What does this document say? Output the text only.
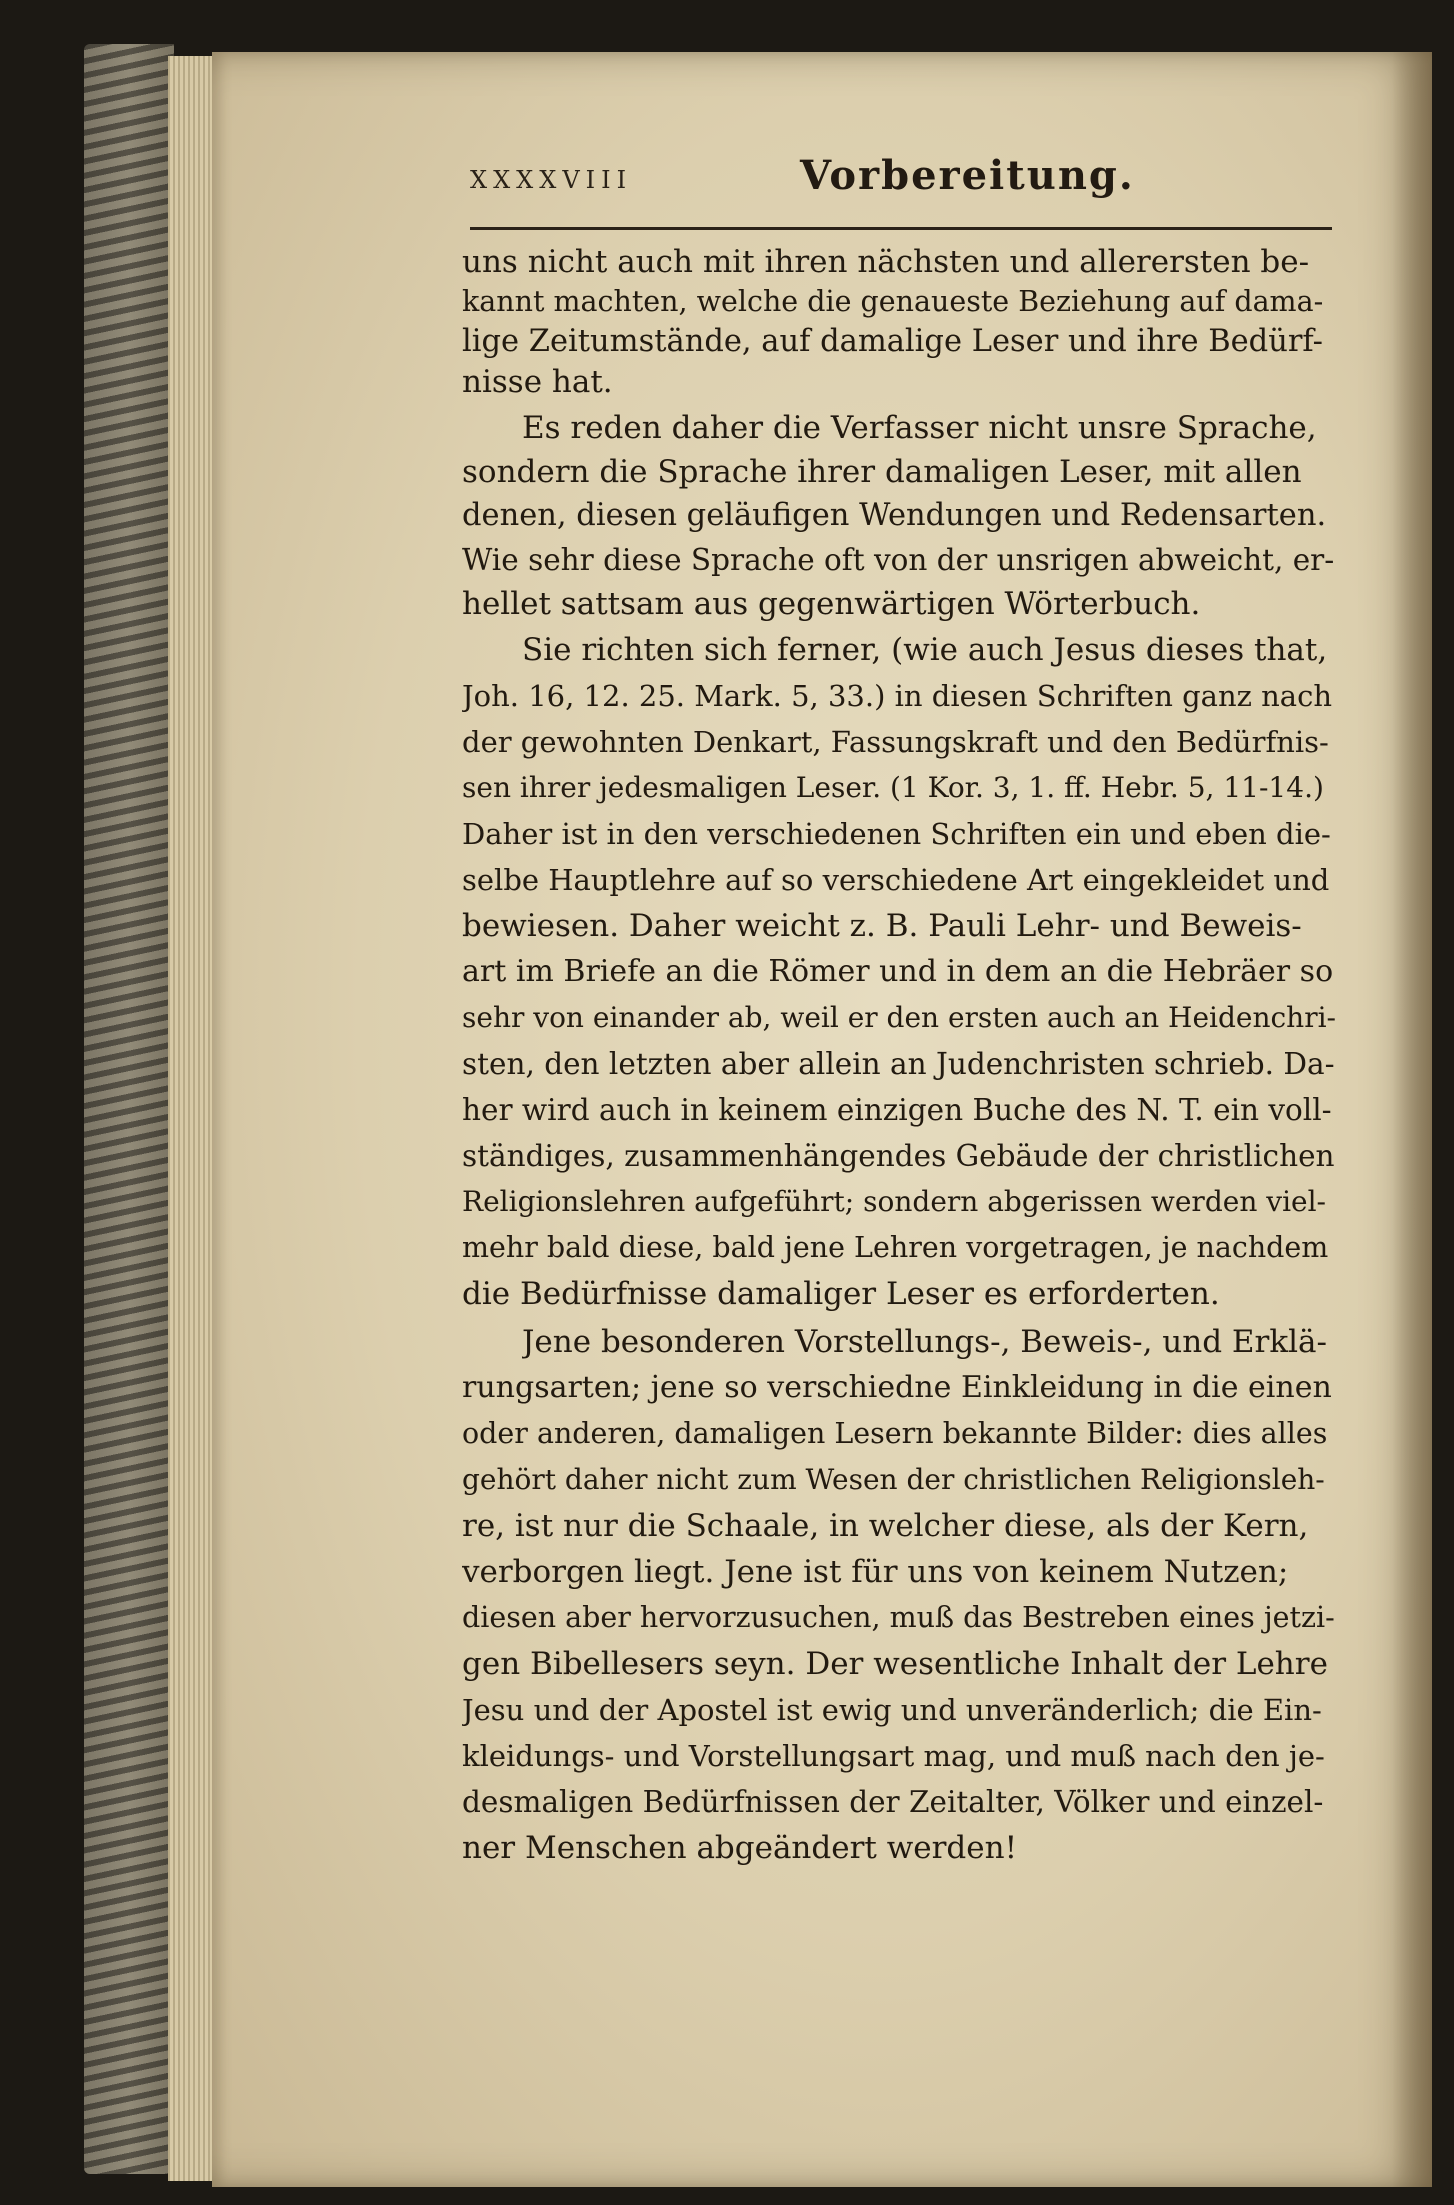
XXXXVIII	Vorbereitung.
uns nicht auch mit ihren nächsten und allerersten be-
kannt machten, welche die genaueste Beziehung auf dama-
lige Zeitumstände, auf damalige Leser und ihre Bedürf-
nisse hat.
Es reden daher die Verfasser nicht unsre Sprache,
sondern die Sprache ihrer damaligen Leser, mit allen
denen, diesen geläufigen Wendungen und Redensarten.
Wie sehr diese Sprache oft von der unsrigen abweicht, er-
hellet sattsam aus gegenwärtigen Wörterbuch.
Sie richten sich ferner, (wie auch Jesus dieses that,
Joh. 16, 12. 25. Mark. 5, 33.) in diesen Schriften ganz nach
der gewohnten Denkart, Fassungskraft und den Bedürfnis-
sen ihrer jedesmaligen Leser. (1 Kor. 3, 1. ff. Hebr. 5, 11-14.)
Daher ist in den verschiedenen Schriften ein und eben die-
selbe Hauptlehre auf so verschiedene Art eingekleidet und
bewiesen. Daher weicht z. B. Pauli Lehr- und Beweis-
art im Briefe an die Römer und in dem an die Hebräer so
sehr von einander ab, weil er den ersten auch an Heidenchri-
sten, den letzten aber allein an Judenchristen schrieb. Da-
her wird auch in keinem einzigen Buche des N. T. ein voll-
ständiges, zusammenhängendes Gebäude der christlichen
Religionslehren aufgeführt; sondern abgerissen werden viel-
mehr bald diese, bald jene Lehren vorgetragen, je nachdem
die Bedürfnisse damaliger Leser es erforderten.
Jene besonderen Vorstellungs-, Beweis-, und Erklä-
rungsarten; jene so verschiedne Einkleidung in die einen
oder anderen, damaligen Lesern bekannte Bilder: dies alles
gehört daher nicht zum Wesen der christlichen Religionsleh-
re, ist nur die Schaale, in welcher diese, als der Kern,
verborgen liegt. Jene ist für uns von keinem Nutzen;
diesen aber hervorzusuchen, muß das Bestreben eines jetzi-
gen Bibellesers seyn. Der wesentliche Inhalt der Lehre
Jesu und der Apostel ist ewig und unveränderlich; die Ein-
kleidungs- und Vorstellungsart mag, und muß nach den je-
desmaligen Bedürfnissen der Zeitalter, Völker und einzel-
ner Menschen abgeändert werden!
